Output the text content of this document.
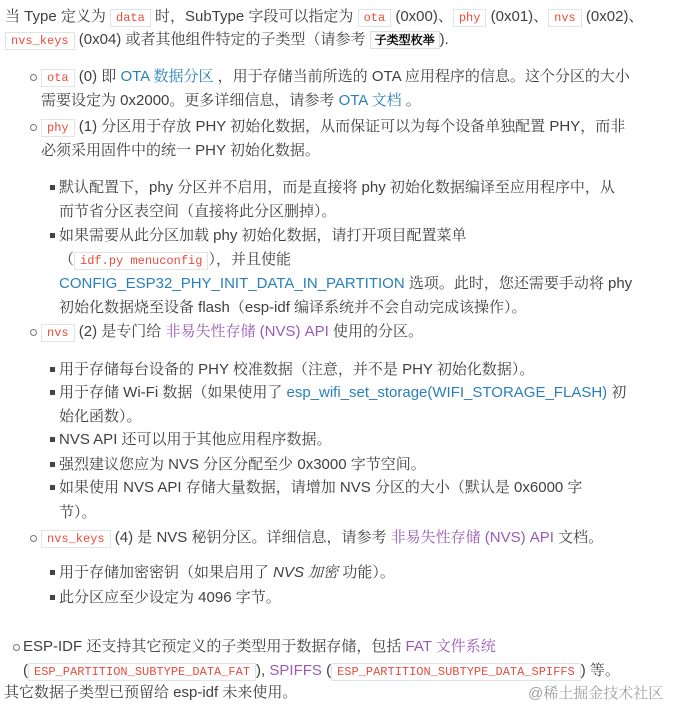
当 Type 定义为 data 时，SubType 字段可以指定为 ota (0x00)、 phy (0x01)、 nvs (0x02)、
nvs_keys (0x04) 或者其他组件特定的子类型（请参考 子类型枚举 ).
ota (0) 即 OTA 数据分区 ，用于存储当前所选的 OTA 应用程序的信息。这个分区的大小
需要设定为 0x2000。更多详细信息，请参考 OTA 文档 。
phy (1) 分区用于存放 PHY 初始化数据，从而保证可以为每个设备单独配置 PHY，而非
必须采用固件中的统一 PHY 初始化数据。
默认配置下，phy 分区并不启用，而是直接将 phy 初始化数据编译至应用程序中，从
而节省分区表空间（直接将此分区删掉）。
如果需要从此分区加载 phy 初始化数据，请打开项目配置菜单
（ idf.py menuconfig ），并且使能
CONFIG_ESP32_PHY_INIT_DATA_IN_PARTITION 选项。此时，您还需要手动将 phy
初始化数据烧至设备 flash（esp-idf 编译系统并不会自动完成该操作）。
nvs (2) 是专门给 非易失性存储 (NVS) API 使用的分区。
用于存储每台设备的 PHY 校准数据（注意，并不是 PHY 初始化数据）。
用于存储 Wi-Fi 数据（如果使用了 esp_wifi_set_storage(WIFI_STORAGE_FLASH) 初
始化函数）。
NVS API 还可以用于其他应用程序数据。
强烈建议您应为 NVS 分区分配至少 0x3000 字节空间。
如果使用 NVS API 存储大量数据，请增加 NVS 分区的大小（默认是 0x6000 字
节）。
nvs_keys (4) 是 NVS 秘钥分区。详细信息，请参考 非易失性存储 (NVS) API 文档。
用于存储加密密钥（如果启用了 NVS 加密 功能）。
此分区应至少设定为 4096 字节。
ESP-IDF 还支持其它预定义的子类型用于数据存储，包括 FAT 文件系统
( ESP_PARTITION_SUBTYPE_DATA_FAT ), SPIFFS ( ESP_PARTITION_SUBTYPE_DATA_SPIFFS ) 等。
其它数据子类型已预留给 esp-idf 未来使用。	@稀土掘金技术社区
